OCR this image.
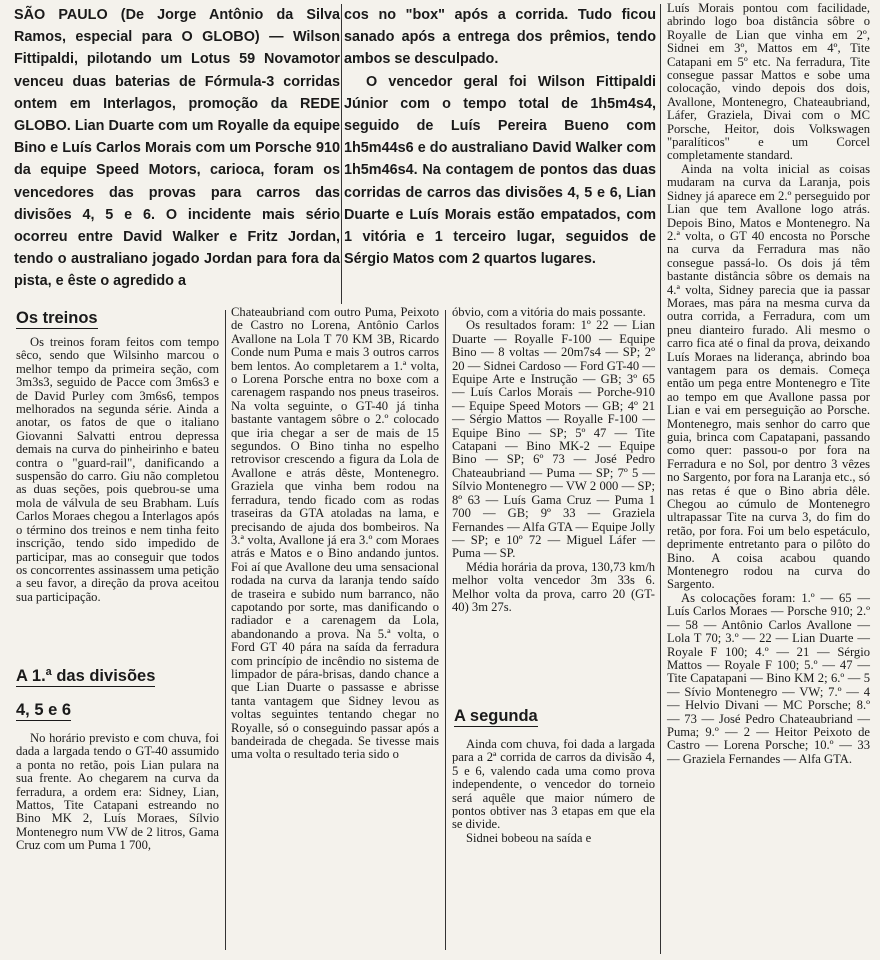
SÃO PAULO (De Jorge Antônio da Silva Ramos, especial para O GLOBO) — Wilson Fittipaldi, pilotando um Lotus 59 Novamotor venceu duas baterias de Fórmula-3 corridas ontem em Interlagos, promoção da REDE GLOBO. Lian Duarte com um Royalle da equipe Bino e Luís Carlos Morais com um Porsche 910 da equipe Speed Motors, carioca, foram os vencedores das provas para carros das divisões 4, 5 e 6. O incidente mais sério ocorreu entre David Walker e Fritz Jordan, tendo o australiano jogado Jordan para fora da pista, e êste o agredido a
cos no "box" após a corrida. Tudo ficou sanado após a entrega dos prêmios, tendo ambos se desculpado.
O vencedor geral foi Wilson Fittipaldi Júnior com o tempo total de 1h5m4s4, seguido de Luís Pereira Bueno com 1h5m44s6 e do australiano David Walker com 1h5m46s4. Na contagem de pontos das duas corridas de carros das divisões 4, 5 e 6, Lian Duarte e Luís Morais estão empatados, com 1 vitória e 1 terceiro lugar, seguidos de Sérgio Matos com 2 quartos lugares.
Os treinos

Os treinos foram feitos com tempo sêco, sendo que Wilsinho marcou o melhor tempo da primeira seção, com 3m3s3, seguido de Pacce com 3m6s3 e de David Purley com 3m6s6, tempos melhorados na segunda série. Ainda a anotar, os fatos de que o italiano Giovanni Salvatti entrou depressa demais na curva do pinheirinho e bateu contra o "guard-rail", danificando a suspensão do carro. Giu não completou as duas seções, pois quebrou-se uma mola de válvula de seu Brabham. Luís Carlos Moraes chegou a Interlagos após o término dos treinos e nem tinha feito inscrição, tendo sido impedido de participar, mas ao conseguir que todos os concorrentes assinassem uma petição a seu favor, a direção da prova aceitou sua participação.

A 1.ª das divisões
4, 5 e 6

No horário previsto e com chuva, foi dada a largada tendo o GT-40 assumido a ponta no retão, pois Lian pulara na sua frente. Ao chegarem na curva da ferradura, a ordem era: Sidney, Lian, Mattos, Tite Catapani estreando no Bino MK 2, Luís Moraes, Sílvio Montenegro num VW de 2 litros, Gama Cruz com um Puma 1 700,

Chateaubriand com outro Puma, Peixoto de Castro no Lorena, Antônio Carlos Avallone na Lola T 70 KM 3B, Ricardo Conde num Puma e mais 3 outros carros bem lentos. Ao completarem a 1.ª volta, o Lorena Porsche entra no boxe com a carenagem raspando nos pneus traseiros. Na volta seguinte, o GT-40 já tinha bastante vantagem sôbre o 2.º colocado que iria chegar a ser de mais de 15 segundos. O Bino tinha no espelho retrovisor crescendo a figura da Lola de Avallone e atrás dêste, Montenegro. Graziela que vinha bem rodou na ferradura, tendo ficado com as rodas traseiras da GTA atoladas na lama, e precisando de ajuda dos bombeiros. Na 3.ª volta, Avallone já era 3.º com Moraes atrás e Matos e o Bino andando juntos. Foi aí que Avallone deu uma sensacional rodada na curva da laranja tendo saído de traseira e subido num barranco, não capotando por sorte, mas danificando o radiador e a carenagem da Lola, abandonando a prova. Na 5.ª volta, o Ford GT 40 pára na saída da ferradura com princípio de incêndio no sistema de limpador de pára-brisas, dando chance a que Lian Duarte o passasse e abrisse tanta vantagem que Sidney levou as voltas seguintes tentando chegar no Royalle, só o conseguindo passar após a bandeirada de chegada. Se tivesse mais uma volta o resultado teria sido o

óbvio, com a vitória do mais possante.

Os resultados foram: 1º 22 — Lian Duarte — Royalle F-100 — Equipe Bino — 8 voltas — 20m7s4 — SP; 2º 20 — Sidnei Cardoso — Ford GT-40 — Equipe Arte e Instrução — GB; 3º 65 — Luís Carlos Morais — Porche-910 — Equipe Speed Motors — GB; 4º 21 — Sérgio Mattos — Royalle F-100 — Equipe Bino — SP; 5º 47 — Tite Catapani — Bino MK-2 — Equipe Bino — SP; 6º 73 — José Pedro Chateaubriand — Puma — SP; 7º 5 — Sílvio Montenegro — VW 2 000 — SP; 8º 63 — Luís Gama Cruz — Puma 1 700 — GB; 9º 33 — Graziela Fernandes — Alfa GTA — Equipe Jolly — SP; e 10º 72 — Miguel Láfer — Puma — SP.

Média horária da prova, 130,73 km/h melhor volta vencedor 3m 33s 6. Melhor volta da prova, carro 20 (GT-40) 3m 27s.

A segunda

Ainda com chuva, foi dada a largada para a 2ª corrida de carros da divisão 4, 5 e 6, valendo cada uma como prova independente, o vencedor do torneio será aquêle que maior número de pontos obtiver nas 3 etapas em que ela se divide.

Sidnei bobeou na saída e

Luís Morais pontou com facilidade, abrindo logo boa distância sôbre o Royalle de Lian que vinha em 2º, Sidnei em 3º, Mattos em 4º, Tite Catapani em 5º etc. Na ferradura, Tite consegue passar Mattos e sobe uma colocação, vindo depois dos dois, Avallone, Montenegro, Chateaubriand, Láfer, Graziela, Divai com o MC Porsche, Heitor, dois Volkswagen "paralíticos" e um Corcel completamente standard.

Ainda na volta inicial as coisas mudaram na curva da Laranja, pois Sidney já aparece em 2.º perseguido por Lian que tem Avallone logo atrás. Depois Bino, Matos e Montenegro. Na 2.ª volta, o GT 40 encosta no Porsche na curva da Ferradura mas não consegue passá-lo. Os dois já têm bastante distância sôbre os demais na 4.ª volta, Sidney parecia que ia passar Moraes, mas pára na mesma curva da outra corrida, a Ferradura, com um pneu dianteiro furado. Ali mesmo o carro fica até o final da prova, deixando Luís Moraes na liderança, abrindo boa vantagem para os demais. Começa então um pega entre Montenegro e Tite ao tempo em que Avallone passa por Lian e vai em perseguição ao Porsche. Montenegro, mais senhor do carro que guia, brinca com Capatapani, passando como quer: passou-o por fora na Ferradura e no Sol, por dentro 3 vêzes no Sargento, por fora na Laranja etc., só nas retas é que o Bino abria dêle. Chegou ao cúmulo de Montenegro ultrapassar Tite na curva 3, do fim do retão, por fora. Foi um belo espetáculo, deprimente entretanto para o pilôto do Bino. A coisa acabou quando Montenegro rodou na curva do Sargento.

As colocações foram: 1.º — 65 — Luís Carlos Moraes — Porsche 910; 2.º — 58 — Antônio Carlos Avallone — Lola T 70; 3.º — 22 — Lian Duarte — Royale F 100; 4.º — 21 — Sérgio Mattos — Royale F 100; 5.º — 47 — Tite Capatapani — Bino KM 2; 6.º — 5 — Sívio Montenegro — VW; 7.º — 4 — Helvio Divani — MC Porsche; 8.º — 73 — José Pedro Chateaubriand — Puma; 9.º — 2 — Heitor Peixoto de Castro — Lorena Porsche; 10.º — 33 — Graziela Fernandes — Alfa GTA.
